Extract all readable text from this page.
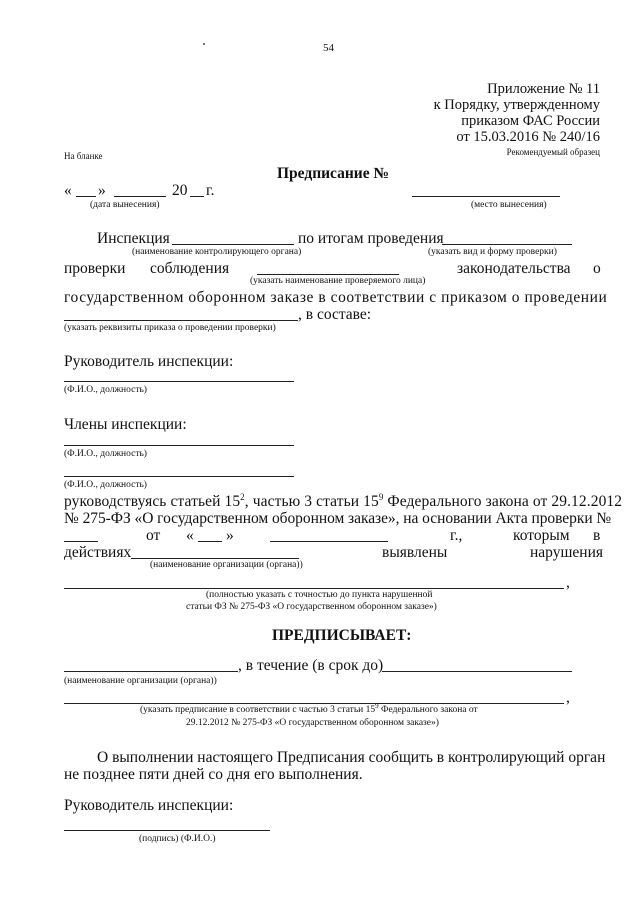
54
Приложение № 11
к Порядку, утвержденному
приказом ФАС России
от 15.03.2016 № 240/16
Рекомендуемый образец
На бланке
Предписание №
« »	20 г.
(дата вынесения)	(место вынесения)
Инспекция	по итогам проведения
(наименование контролирующего органа)	(указать вид и форму проверки)
проверки соблюдения	законодательства о
(указать наименование проверяемого лица)
государственном оборонном заказе в соответствии с приказом о проведении
, в составе:
(указать реквизиты приказа о проведении проверки)
Руководитель инспекции:
(Ф.И.О., должность)
Члены инспекции:
(Ф.И.О., должность)
(Ф.И.О., должность)
руководствуясь статьей $15^2$, частью 3 статьи $15^9$ Федерального закона от 29.12.2012
№ 275-ФЗ «О государственном оборонном заказе», на основании Акта проверки №
от « »	г.,	которым в
действиях	выявлены	нарушения
(наименование организации (органа))
,
(полностью указать с точностью до пункта нарушенной
статьи ФЗ № 275-ФЗ «О государственном оборонном заказе»)
ПРЕДПИСЫВАЕТ:
, в течение (в срок до)
(наименование организации (органа))
,
(указать предписание в соответствии с частью 3 статьи $15^9$ Федерального закона от
29.12.2012 № 275-ФЗ «О государственном оборонном заказе»)
О выполнении настоящего Предписания сообщить в контролирующий орган
не позднее пяти дней со дня его выполнения.
Руководитель инспекции:
(подпись) (Ф.И.О.)
